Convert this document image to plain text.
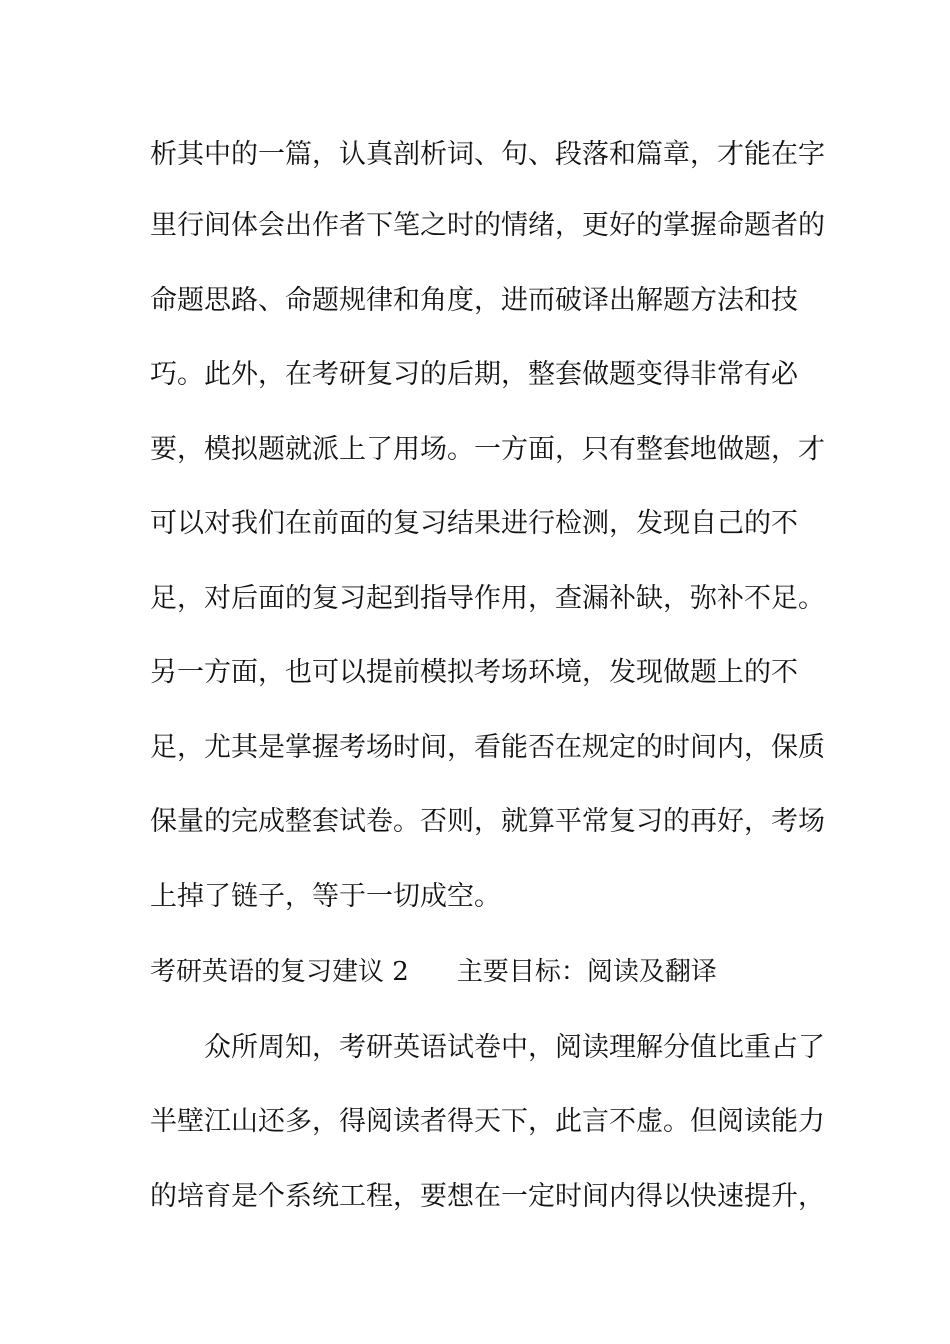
析其中的一篇，认真剖析词、句、段落和篇章，才能在字
里行间体会出作者下笔之时的情绪，更好的掌握命题者的
命题思路、命题规律和角度，进而破译出解题方法和技
巧。此外，在考研复习的后期，整套做题变得非常有必
要，模拟题就派上了用场。一方面，只有整套地做题，才
可以对我们在前面的复习结果进行检测，发现自己的不
足，对后面的复习起到指导作用，查漏补缺，弥补不足。
另一方面，也可以提前模拟考场环境，发现做题上的不
足，尤其是掌握考场时间，看能否在规定的时间内，保质
保量的完成整套试卷。否则，就算平常复习的再好，考场
上掉了链子，等于一切成空。
考研英语的复习建议 2 主要目标：阅读及翻译
　　众所周知，考研英语试卷中，阅读理解分值比重占了
半壁江山还多，得阅读者得天下，此言不虚。但阅读能力
的培育是个系统工程，要想在一定时间内得以快速提升，
